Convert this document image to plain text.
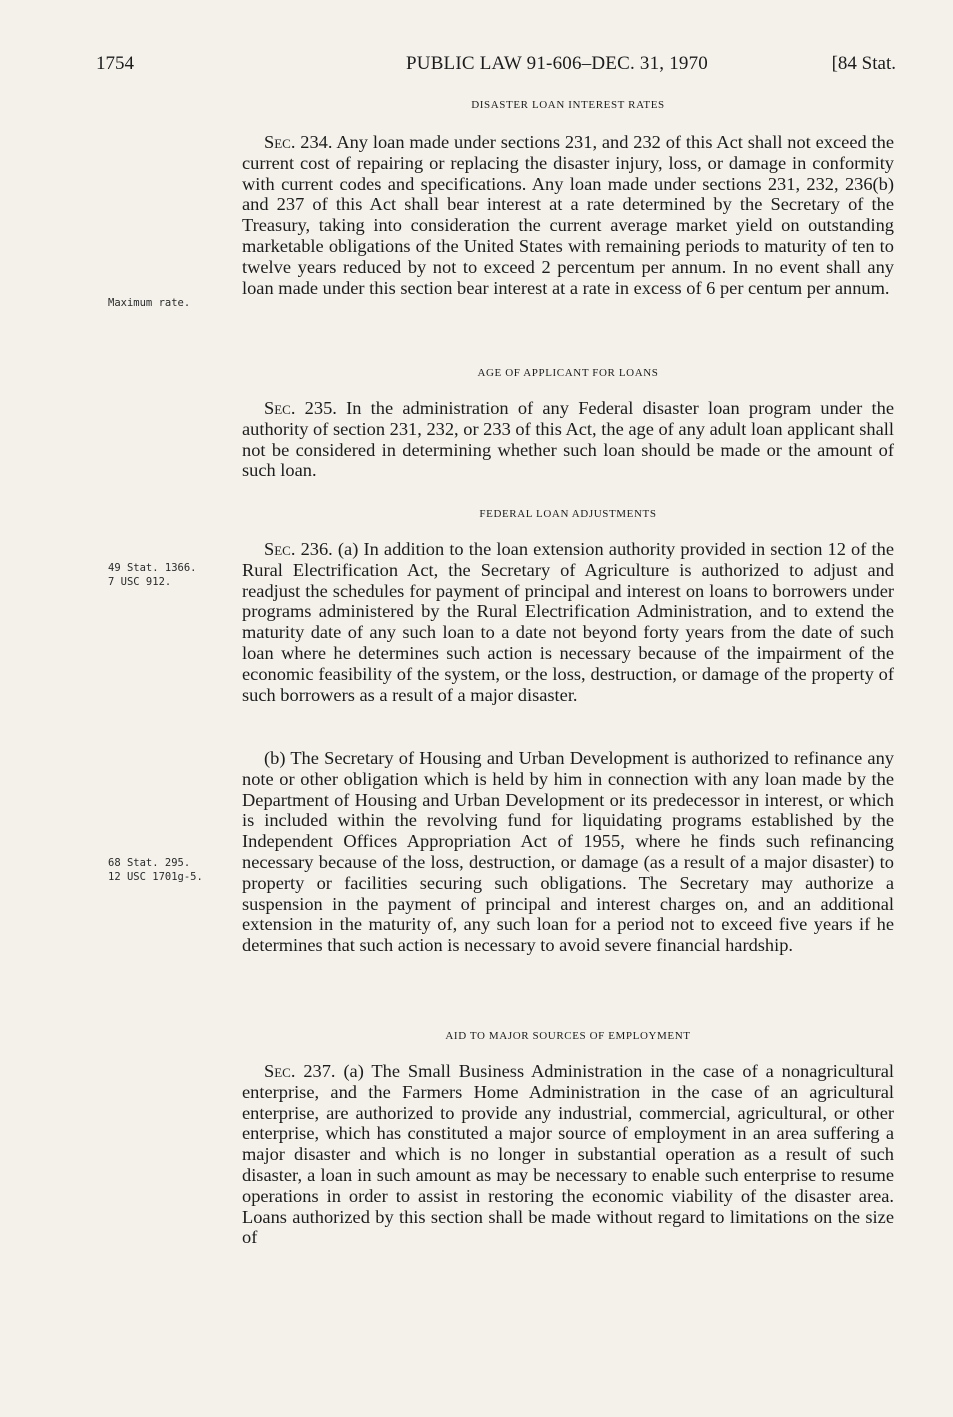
1754	PUBLIC LAW 91-606–DEC. 31, 1970	[84 Stat.
DISASTER LOAN INTEREST RATES

Sec. 234. Any loan made under sections 231, and 232 of this Act shall not exceed the current cost of repairing or replacing the disaster injury, loss, or damage in conformity with current codes and specifications. Any loan made under sections 231, 232, 236(b) and 237 of this Act shall bear interest at a rate determined by the Secretary of the Treasury, taking into consideration the current average market yield on outstanding marketable obligations of the United States with remaining periods to maturity of ten to twelve years reduced by not to exceed 2 percentum per annum. In no event shall any loan made under this section bear interest at a rate in excess of 6 per centum per annum.

Maximum rate.
AGE OF APPLICANT FOR LOANS

Sec. 235. In the administration of any Federal disaster loan program under the authority of section 231, 232, or 233 of this Act, the age of any adult loan applicant shall not be considered in determining whether such loan should be made or the amount of such loan.

FEDERAL LOAN ADJUSTMENTS

Sec. 236. (a) In addition to the loan extension authority provided in section 12 of the Rural Electrification Act, the Secretary of Agriculture is authorized to adjust and readjust the schedules for payment of principal and interest on loans to borrowers under programs administered by the Rural Electrification Administration, and to extend the maturity date of any such loan to a date not beyond forty years from the date of such loan where he determines such action is necessary because of the impairment of the economic feasibility of the system, or the loss, destruction, or damage of the property of such borrowers as a result of a major disaster.

49 Stat. 1366.
7 USC 912.

(b) The Secretary of Housing and Urban Development is authorized to refinance any note or other obligation which is held by him in connection with any loan made by the Department of Housing and Urban Development or its predecessor in interest, or which is included within the revolving fund for liquidating programs established by the Independent Offices Appropriation Act of 1955, where he finds such refinancing necessary because of the loss, destruction, or damage (as a result of a major disaster) to property or facilities securing such obligations. The Secretary may authorize a suspension in the payment of principal and interest charges on, and an additional extension in the maturity of, any such loan for a period not to exceed five years if he determines that such action is necessary to avoid severe financial hardship.

68 Stat. 295.
12 USC 1701g-5.
AID TO MAJOR SOURCES OF EMPLOYMENT

Sec. 237. (a) The Small Business Administration in the case of a nonagricultural enterprise, and the Farmers Home Administration in the case of an agricultural enterprise, are authorized to provide any industrial, commercial, agricultural, or other enterprise, which has constituted a major source of employment in an area suffering a major disaster and which is no longer in substantial operation as a result of such disaster, a loan in such amount as may be necessary to enable such enterprise to resume operations in order to assist in restoring the economic viability of the disaster area. Loans authorized by this section shall be made without regard to limitations on the size of
